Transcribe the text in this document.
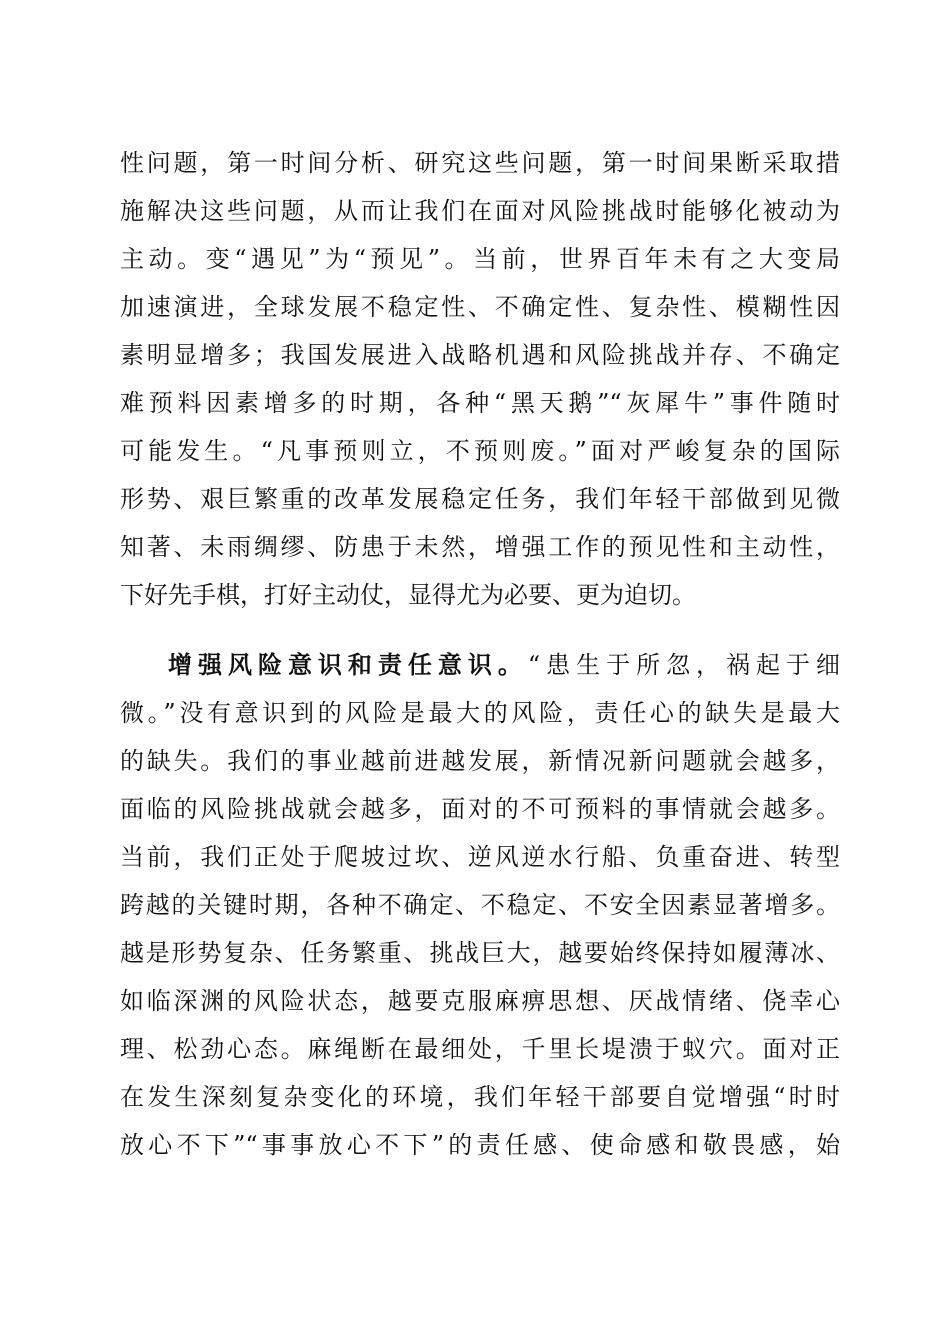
性问题，第一时间分析、研究这些问题，第一时间果断采取措
施解决这些问题，从而让我们在面对风险挑战时能够化被动为
主动。变“遇见”为“预见”。当前，世界百年未有之大变局
加速演进，全球发展不稳定性、不确定性、复杂性、模糊性因
素明显增多；我国发展进入战略机遇和风险挑战并存、不确定
难预料因素增多的时期，各种“黑天鹅”“灰犀牛”事件随时
可能发生。“凡事预则立，不预则废。”面对严峻复杂的国际
形势、艰巨繁重的改革发展稳定任务，我们年轻干部做到见微
知著、未雨绸缪、防患于未然，增强工作的预见性和主动性，
下好先手棋，打好主动仗，显得尤为必要、更为迫切。
增强风险意识和责任意识。“患生于所忽，祸起于细
微。”没有意识到的风险是最大的风险，责任心的缺失是最大
的缺失。我们的事业越前进越发展，新情况新问题就会越多，
面临的风险挑战就会越多，面对的不可预料的事情就会越多。
当前，我们正处于爬坡过坎、逆风逆水行船、负重奋进、转型
跨越的关键时期，各种不确定、不稳定、不安全因素显著增多。
越是形势复杂、任务繁重、挑战巨大，越要始终保持如履薄冰、
如临深渊的风险状态，越要克服麻痹思想、厌战情绪、侥幸心
理、松劲心态。麻绳断在最细处，千里长堤溃于蚁穴。面对正
在发生深刻复杂变化的环境，我们年轻干部要自觉增强“时时
放心不下”“事事放心不下”的责任感、使命感和敬畏感，始
